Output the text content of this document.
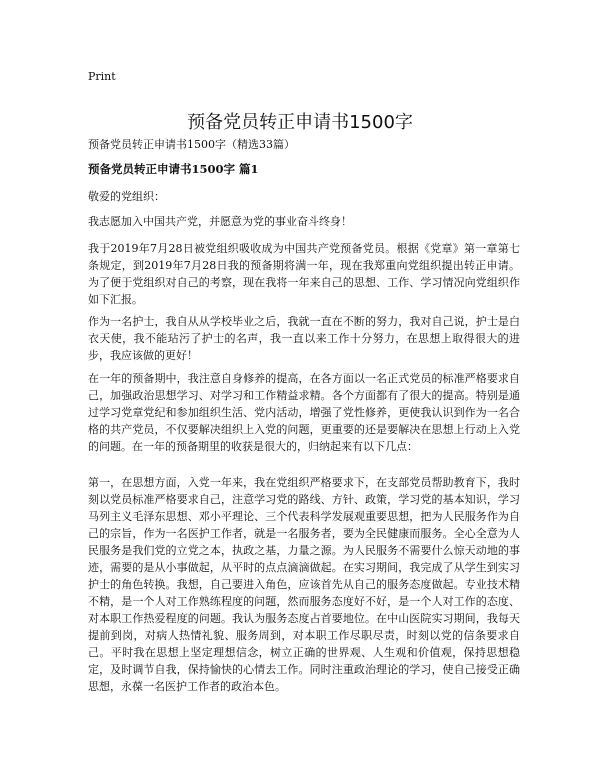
Print
预备党员转正申请书1500字
预备党员转正申请书1500字（精选33篇）
预备党员转正申请书1500字 篇1

敬爱的党组织：

我志愿加入中国共产党，并愿意为党的事业奋斗终身！

我于2019年7月28日被党组织吸收成为中国共产党预备党员。根据《党章》第一章第七条规定，到2019年7月28日我的预备期将满一年，现在我郑重向党组织提出转正申请。为了便于党组织对自己的考察，现在我将一年来自己的思想、工作、学习情况向党组织作如下汇报。

作为一名护士，我自从从学校毕业之后，我就一直在不断的努力，我对自己说，护士是白衣天使，我不能玷污了护士的名声，我一直以来工作十分努力，在思想上取得很大的进步，我应该做的更好！

在一年的预备期中，我注意自身修养的提高，在各方面以一名正式党员的标准严格要求自己，加强政治思想学习、对学习和工作精益求精。各个方面都有了很大的提高。特别是通过学习党章党纪和参加组织生活、党内活动，增强了党性修养，更使我认识到作为一名合格的共产党员，不仅要解决组织上入党的问题，更重要的还是要解决在思想上行动上入党的问题。在一年的预备期里的收获是很大的，归纳起来有以下几点：

第一，在思想方面，入党一年来，我在党组织严格要求下，在支部党员帮助教育下，我时刻以党员标准严格要求自己，注意学习党的路线、方针、政策，学习党的基本知识，学习马列主义毛泽东思想、邓小平理论、三个代表科学发展观重要思想，把为人民服务作为自己的宗旨，作为一名医护工作者，就是一名服务者，要为全民健康而服务。全心全意为人民服务是我们党的立党之本，执政之基，力量之源。为人民服务不需要什么惊天动地的事迹，需要的是从小事做起，从平时的点点滴滴做起。在实习期间，我完成了从学生到实习护士的角色转换。我想，自己要进入角色，应该首先从自己的服务态度做起。专业技术精不精，是一个人对工作熟练程度的问题，然而服务态度好不好，是一个人对工作的态度、对本职工作热爱程度的问题。我认为服务态度占首要地位。在中山医院实习期间，我每天提前到岗，对病人热情礼貌、服务周到，对本职工作尽职尽责，时刻以党的信条要求自己。平时我在思想上坚定理想信念，树立正确的世界观、人生观和价值观，保持思想稳定，及时调节自我，保持愉快的心情去工作。同时注重政治理论的学习，使自己接受正确思想，永葆一名医护工作者的政治本色。
